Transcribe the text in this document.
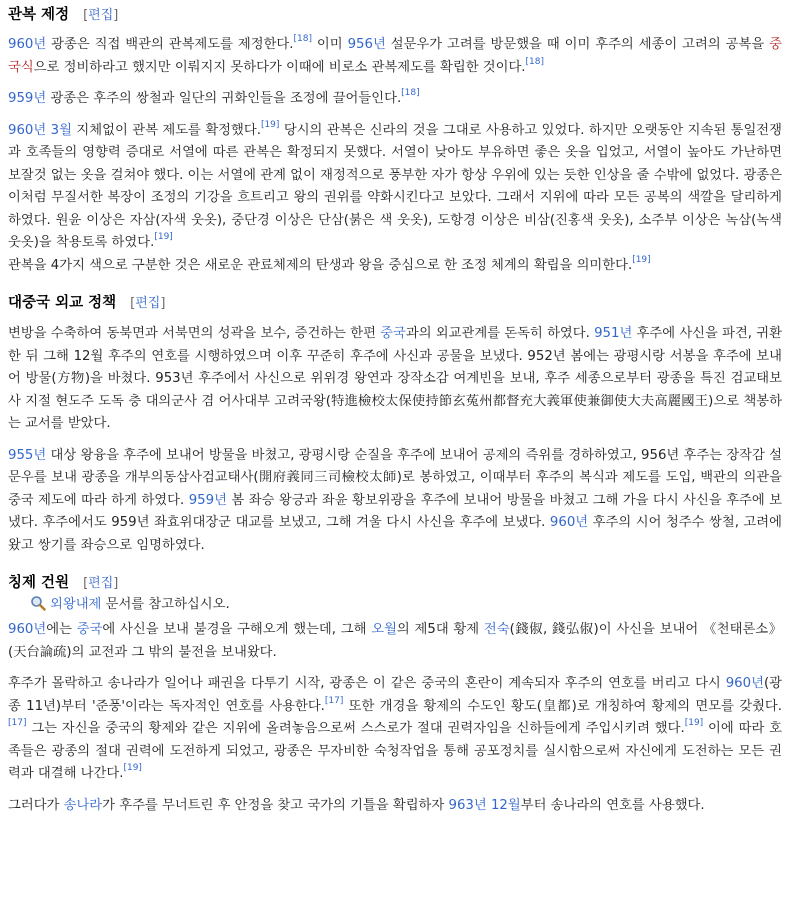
관복 제정 [편집]

960년 광종은 직접 백관의 관복제도를 제정한다.[18] 이미 956년 설문우가 고려를 방문했을 때 이미 후주의 세종이 고려의 공복을 중국식으로 정비하라고 했지만 이뤄지지 못하다가 이때에 비로소 관복제도를 확립한 것이다.[18]

959년 광종은 후주의 쌍철과 일단의 귀화인들을 조정에 끌어들인다.[18]

960년 3월 지체없이 관복 제도를 확정했다.[19] 당시의 관복은 신라의 것을 그대로 사용하고 있었다. 하지만 오랫동안 지속된 통일전쟁과 호족들의 영향력 증대로 서열에 따른 관복은 확정되지 못했다. 서열이 낮아도 부유하면 좋은 옷을 입었고, 서열이 높아도 가난하면 보잘것 없는 옷을 걸쳐야 했다. 이는 서열에 관계 없이 재정적으로 풍부한 자가 항상 우위에 있는 듯한 인상을 줄 수밖에 없었다. 광종은 이처럼 무질서한 복장이 조정의 기강을 흐트리고 왕의 권위를 약화시킨다고 보았다. 그래서 지위에 따라 모든 공복의 색깔을 달리하게 하였다. 원윤 이상은 자삼(자색 웃옷), 중단경 이상은 단삼(붉은 색 웃옷), 도항경 이상은 비삼(진홍색 웃옷), 소주부 이상은 녹삼(녹색 웃옷)을 착용토록 하였다.[19]

관복을 4가지 색으로 구분한 것은 새로운 관료체제의 탄생과 왕을 중심으로 한 조정 체계의 확립을 의미한다.[19]

대중국 외교 정책 [편집]

변방을 수축하여 동북면과 서북면의 성곽을 보수, 증건하는 한편 중국과의 외교관계를 돈독히 하였다. 951년 후주에 사신을 파견, 귀환한 뒤 그해 12월 후주의 연호를 시행하였으며 이후 꾸준히 후주에 사신과 공물을 보냈다. 952년 봄에는 광평시랑 서봉을 후주에 보내어 방물(方物)을 바쳤다. 953년 후주에서 사신으로 위위경 왕연과 장작소감 여계빈을 보내, 후주 세종으로부터 광종을 특진 검교태보사 지절 현도주 도독 충 대의군사 겸 어사대부 고려국왕(特進檢校太保使持節玄菟州都督充大義軍使兼御使大夫高麗國王)으로 책봉하는 교서를 받았다.

955년 대상 왕융을 후주에 보내어 방물을 바쳤고, 광평시랑 순질을 후주에 보내어 공제의 즉위를 경하하였고, 956년 후주는 장작감 설문우를 보내 광종을 개부의동삼사검교태사(開府義同三司檢校太師)로 봉하였고, 이때부터 후주의 복식과 제도를 도입, 백관의 의관을 중국 제도에 따라 하게 하였다. 959년 봄 좌승 왕긍과 좌윤 황보위광을 후주에 보내어 방물을 바쳤고 그해 가을 다시 사신을 후주에 보냈다. 후주에서도 959년 좌효위대장군 대교를 보냈고, 그해 겨울 다시 사신을 후주에 보냈다. 960년 후주의 시어 청주수 쌍철, 고려에 왔고 쌍기를 좌승으로 임명하였다.

칭제 건원 [편집]
외왕내제 문서를 참고하십시오.

960년에는 중국에 사신을 보내 불경을 구해오게 했는데, 그해 오월의 제5대 황제 전숙(錢俶, 錢弘俶)이 사신을 보내어 《천태론소》(天台論疏)의 교전과 그 밖의 불전을 보내왔다.

후주가 몰락하고 송나라가 일어나 패권을 다투기 시작, 광종은 이 같은 중국의 혼란이 계속되자 후주의 연호를 버리고 다시 960년(광종 11년)부터 '준풍'이라는 독자적인 연호를 사용한다.[17] 또한 개경을 황제의 수도인 황도(皇都)로 개칭하여 황제의 면모를 갖췄다.[17] 그는 자신을 중국의 황제와 같은 지위에 올려놓음으로써 스스로가 절대 권력자임을 신하들에게 주입시키려 했다.[19] 이에 따라 호족들은 광종의 절대 권력에 도전하게 되었고, 광종은 무자비한 숙청작업을 통해 공포정치를 실시함으로써 자신에게 도전하는 모든 권력과 대결해 나간다.[19]

그러다가 송나라가 후주를 무너트린 후 안정을 찾고 국가의 기틀을 확립하자 963년 12월부터 송나라의 연호를 사용했다.
